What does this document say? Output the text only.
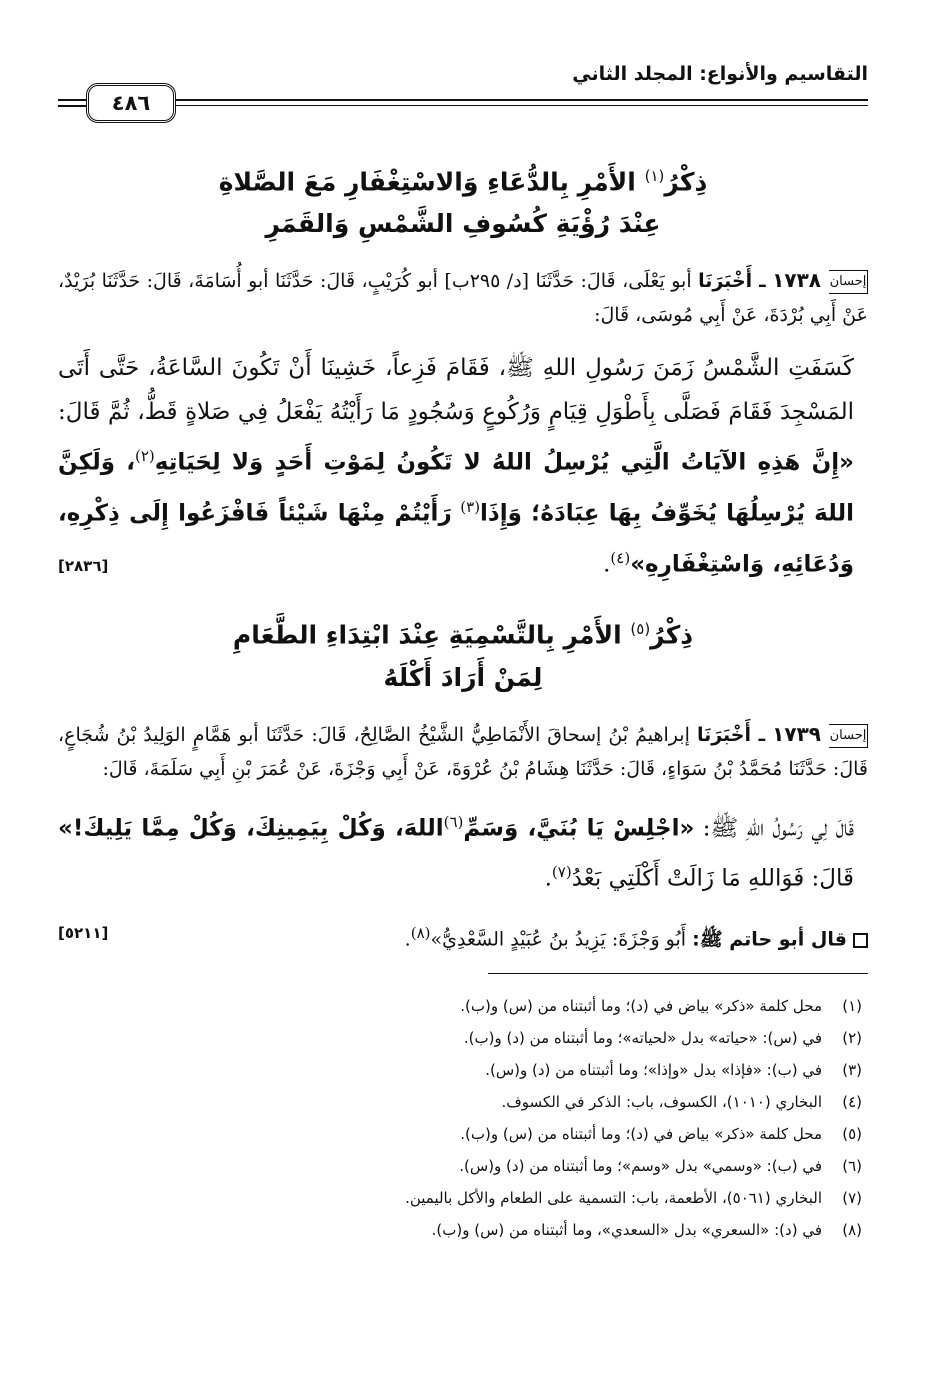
التقاسيم والأنواع: المجلد الثاني
٤٨٦
ذِكْرُ$^{(١)}$ الأَمْرِ بِالدُّعَاءِ وَالاسْتِغْفَارِ مَعَ الصَّلاةِ
عِنْدَ رُؤْيَةِ كُسُوفِ الشَّمْسِ وَالقَمَرِ
إحسان١٧٣٨ ـ أَخْبَرَنَا أبو يَعْلَى، قَالَ: حَدَّثَنَا [د/ ٢٩٥ب] أبو كُرَيْبٍ، قَالَ: حَدَّثَنَا أبو أُسَامَةَ، قَالَ: حَدَّثَنَا بُرَيْدٌ، عَنْ أَبِي بُرْدَةَ، عَنْ أَبِي مُوسَى، قَالَ:
كَسَفَتِ الشَّمْسُ زَمَنَ رَسُولِ اللهِ ﷺ، فَقَامَ فَزِعاً، خَشِينَا أَنْ تَكُونَ السَّاعَةُ، حَتَّى أَتَى المَسْجِدَ فَقَامَ فَصَلَّى بِأَطْوَلِ قِيَامٍ وَرُكُوعٍ وَسُجُودٍ مَا رَأَيْتُهُ يَفْعَلُ فِي صَلاةٍ قَطُّ، ثُمَّ قَالَ: «إِنَّ هَذِهِ الآيَاتُ الَّتِي يُرْسِلُ اللهُ لا تَكُونُ لِمَوْتِ أَحَدٍ وَلا لِحَيَاتِهِ$^{(٢)}$، وَلَكِنَّ اللهَ يُرْسِلُهَا يُخَوِّفُ بِهَا عِبَادَهُ؛ وَإِذَا$^{(٣)}$ رَأَيْتُمْ مِنْهَا شَيْئاً فَافْزَعُوا إِلَى ذِكْرِهِ، وَدُعَائِهِ، وَاسْتِغْفَارِهِ»$^{(٤)}$.
[٢٨٣٦]
ذِكْرُ$^{(٥)}$ الأَمْرِ بِالتَّسْمِيَةِ عِنْدَ ابْتِدَاءِ الطَّعَامِ
لِمَنْ أَرَادَ أَكْلَهُ
إحسان١٧٣٩ ـ أَخْبَرَنَا إبراهيمُ بْنُ إسحاقَ الأَنْمَاطِيُّ الشَّيْخُ الصَّالِحُ، قَالَ: حَدَّثَنَا أبو هَمَّامٍ الوَلِيدُ بْنُ شُجَاعٍ، قَالَ: حَدَّثَنَا مُحَمَّدُ بْنُ سَوَاءٍ، قَالَ: حَدَّثَنَا هِشَامُ بْنُ عُرْوَةَ، عَنْ أَبِي وَجْزَةَ، عَنْ عُمَرَ بْنِ أَبِي سَلَمَةَ، قَالَ:
قَالَ لِي رَسُولُ اللهِ ﷺ: «اجْلِسْ يَا بُنَيَّ، وَسَمِّ$^{(٦)}$اللهَ، وَكُلْ بِيَمِينِكَ، وَكُلْ مِمَّا يَلِيكَ!» قَالَ: فَوَاللهِ مَا زَالَتْ أَكْلَتِي بَعْدُ$^{(٧)}$.
قال أبو حاتم ﷺ: أَبُو وَجْزَةَ: يَزِيدُ بنُ عُبَيْدٍ السَّعْدِيُّ»$^{(٨)}$.
[٥٢١١]
(١)محل كلمة «ذكر» بياض في (د)؛ وما أثبتناه من (س) و(ب).
(٢)في (س): «حياته» بدل «لحياته»؛ وما أثبتناه من (د) و(ب).
(٣)في (ب): «فإذا» بدل «وإذا»؛ وما أثبتناه من (د) و(س).
(٤)البخاري (١٠١٠)، الكسوف، باب: الذكر في الكسوف.
(٥)محل كلمة «ذكر» بياض في (د)؛ وما أثبتناه من (س) و(ب).
(٦)في (ب): «وسمي» بدل «وسم»؛ وما أثبتناه من (د) و(س).
(٧)البخاري (٥٠٦١)، الأطعمة، باب: التسمية على الطعام والأكل باليمين.
(٨)في (د): «السعري» بدل «السعدي»، وما أثبتناه من (س) و(ب).
